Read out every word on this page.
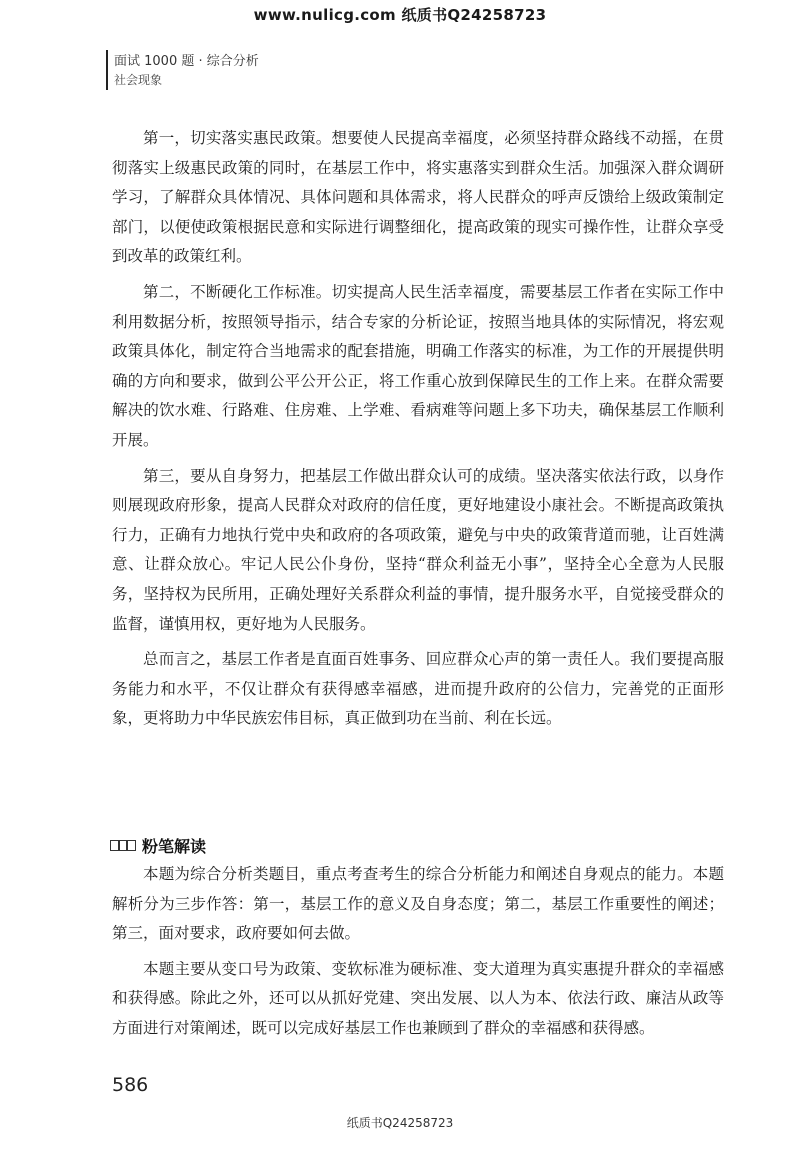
www.nulicg.com 纸质书Q24258723
面试 1000 题 · 综合分析
社会现象

第一，切实落实惠民政策。想要使人民提高幸福度，必须坚持群众路线不动摇，在贯彻落实上级惠民政策的同时，在基层工作中，将实惠落实到群众生活。加强深入群众调研学习，了解群众具体情况、具体问题和具体需求，将人民群众的呼声反馈给上级政策制定部门，以便使政策根据民意和实际进行调整细化，提高政策的现实可操作性，让群众享受到改革的政策红利。

第二，不断硬化工作标准。切实提高人民生活幸福度，需要基层工作者在实际工作中利用数据分析，按照领导指示，结合专家的分析论证，按照当地具体的实际情况，将宏观政策具体化，制定符合当地需求的配套措施，明确工作落实的标准，为工作的开展提供明确的方向和要求，做到公平公开公正，将工作重心放到保障民生的工作上来。在群众需要解决的饮水难、行路难、住房难、上学难、看病难等问题上多下功夫，确保基层工作顺利开展。

第三，要从自身努力，把基层工作做出群众认可的成绩。坚决落实依法行政，以身作则展现政府形象，提高人民群众对政府的信任度，更好地建设小康社会。不断提高政策执行力，正确有力地执行党中央和政府的各项政策，避免与中央的政策背道而驰，让百姓满意、让群众放心。牢记人民公仆身份，坚持“群众利益无小事”，坚持全心全意为人民服务，坚持权为民所用，正确处理好关系群众利益的事情，提升服务水平，自觉接受群众的监督，谨慎用权，更好地为人民服务。

总而言之，基层工作者是直面百姓事务、回应群众心声的第一责任人。我们要提高服务能力和水平，不仅让群众有获得感幸福感，进而提升政府的公信力，完善党的正面形象，更将助力中华民族宏伟目标，真正做到功在当前、利在长远。

粉笔解读

本题为综合分析类题目，重点考查考生的综合分析能力和阐述自身观点的能力。本题解析分为三步作答：第一，基层工作的意义及自身态度；第二，基层工作重要性的阐述；第三，面对要求，政府要如何去做。

本题主要从变口号为政策、变软标准为硬标准、变大道理为真实惠提升群众的幸福感和获得感。除此之外，还可以从抓好党建、突出发展、以人为本、依法行政、廉洁从政等方面进行对策阐述，既可以完成好基层工作也兼顾到了群众的幸福感和获得感。

586
纸质书Q24258723
